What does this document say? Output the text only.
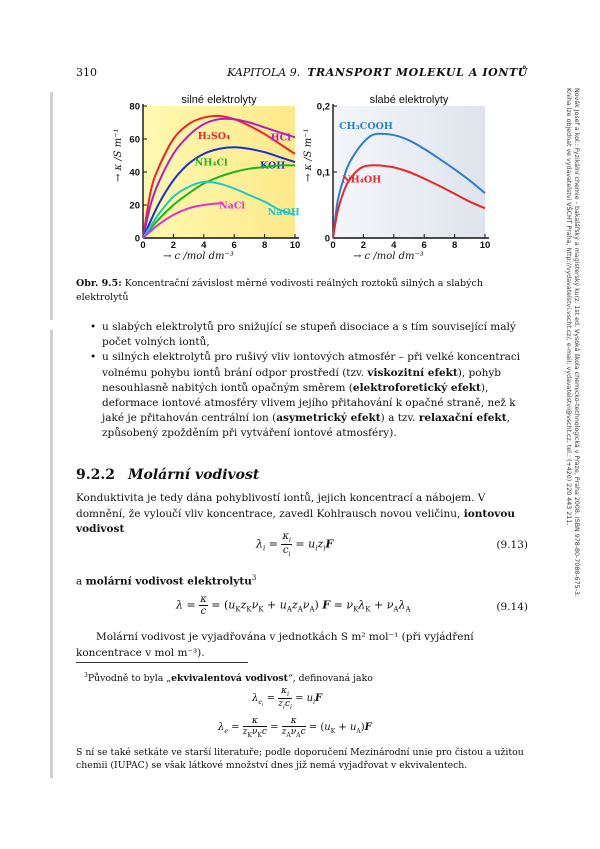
310	KAPITOLA 9. TRANSPORT MOLEKUL A IONTŮ
Novák Josef a kol.: Fyzikální chemie - bakalářský a magisterský kurz. 1st ed. Vysoká škola chemicko-technologická v Praze, Praha 2008. ISBN 978-80-7080-675-3.
Kniha lze objednat ve vydavatelství VŠCHT Praha, http://vydavatelstvi.vscht.cz/, e-mail: vydavatelstvi@vscht.cz, tel.: (+420) 220 443 211.
silné elektrolyty
0
20
40
60
80
0	2	4	6	8 10
H₂SO₄	HCl
KOH
NH₄Cl
NaOH
NaCl
→ c /mol dm⁻³
→ κ /S m⁻¹
slabé elektrolyty
0
0,1
0,2
0	2	4	6	8 10
CH₃COOH
NH₄OH
→ c /mol dm⁻³
→ κ /S m⁻¹
Obr. 9.5: Koncentrační závislost měrné vodivosti reálných roztoků silných a slabých elektrolytů
• u slabých elektrolytů pro snižující se stupeň disociace a s tím související malý počet volných iontů,
• u silných elektrolytů pro rušivý vliv iontových atmosfér – při velké koncentraci volnému pohybu iontů brání odpor prostředí (tzv. viskozitní efekt), pohyb nesouhlasně nabitých iontů opačným směrem (elektroforetický efekt), deformace iontové atmosféry vlivem jejího přitahování k opačné straně, než k jaké je přitahován centrální ion (asymetrický efekt) a tzv. relaxační efekt, způsobený zpožděním při vytváření iontové atmosféry).
9.2.2 Molární vodivost
Konduktivita je tedy dána pohyblivostí iontů, jejich koncentrací a nábojem. V domnění, že vyloučí vliv koncentrace, zavedl Kohlrausch novou veličinu, iontovou vodivost
$\lambda_i = \frac{\kappa_i}{c_i} = u_iz_iF$	(9.13)
a molární vodivost elektrolytu$^3$
$\lambda = \frac{\kappa}{c} = (u_Kz_K\nu_K + u_Az_A\nu_A) F = \nu_K\lambda_K + \nu_A\lambda_A$	(9.14)
Molární vodivost je vyjadřována v jednotkách S m² mol⁻¹ (při vyjádření koncentrace v mol m⁻³).
$^3$Původně to byla „ekvivalentová vodivost“, definovaná jako
$\lambda_{e_i} = \frac{\kappa_i}{z_ic_i} = u_iF$
$\lambda_e = \frac{\kappa}{z_K\nu_Kc} = \frac{\kappa}{z_A\nu_Ac} = (u_K + u_A)F$
S ní se také setkáte ve starší literatuře; podle doporučení Mezinárodní unie pro čistou a užitou chemii (IUPAC) se však látkové množství dnes již nemá vyjadřovat v ekvivalentech.
